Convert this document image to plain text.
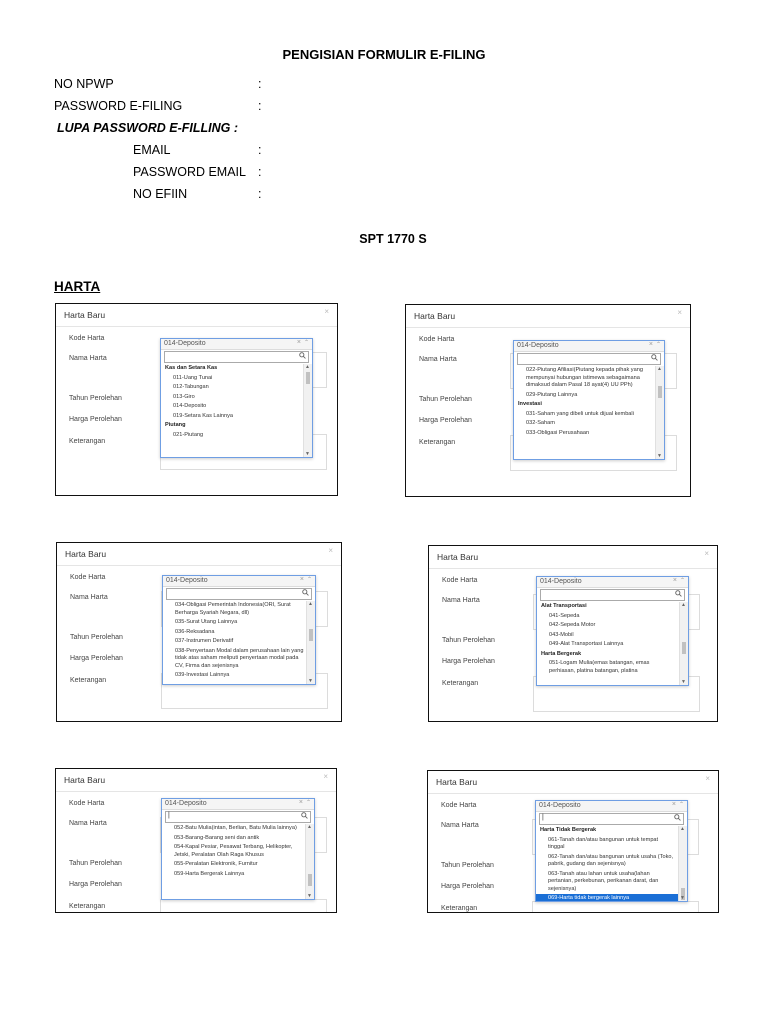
PENGISIAN FORMULIR E-FILING
NO NPWP	:
PASSWORD E-FILING	:
LUPA PASSWORD E-FILLING :
EMAIL	:
PASSWORD EMAIL :
NO EFIIN	:
SPT 1770 S
HARTA
Harta Baru	×
Kode Harta
Nama Harta
Tahun Perolehan
Harga Perolehan
Keterangan
014-Deposito	× ⌃
Kas dan Setara Kas
011-Uang Tunai
012-Tabungan
013-Giro
014-Deposito
019-Setara Kas Lainnya
Piutang
021-Piutang
▲
▼
Harta Baru	×
Kode Harta
Nama Harta
Tahun Perolehan
Harga Perolehan
Keterangan
014-Deposito	× ⌃
022-Piutang Afiliasi(Piutang kepada pihak yang mempunyai hubungan istimewa sebagaimana dimaksud dalam Pasal 18 ayat(4) UU PPh)
029-Piutang Lainnya
Investasi
031-Saham yang dibeli untuk dijual kembali
032-Saham
033-Obligasi Perusahaan
▲
▼
Harta Baru	×
Kode Harta
Nama Harta
Tahun Perolehan
Harga Perolehan
Keterangan
014-Deposito	× ⌃
034-Obligasi Pemerintah Indonesia(ORI, Surat Berharga Syariah Negara, dll)
035-Surat Utang Lainnya
036-Reksadana
037-Instrumen Derivatif
038-Penyertaan Modal dalam perusahaan lain yang tidak atas saham meliputi penyertaan modal pada CV, Firma dan sejenisnya
039-Investasi Lainnya
▲
▼
Harta Baru	×
Kode Harta
Nama Harta
Tahun Perolehan
Harga Perolehan
Keterangan
014-Deposito	× ⌃
Alat Transportasi
041-Sepeda
042-Sepeda Motor
043-Mobil
049-Alat Transportasi Lainnya
Harta Bergerak
051-Logam Mulia(emas batangan, emas perhiasan, platina batangan, platina
▲
▼
Harta Baru	×
Kode Harta
Nama Harta
Tahun Perolehan
Harga Perolehan
Keterangan
014-Deposito	× ⌃
|
052-Batu Mulia(intan, Berlian, Batu Mulia lainnya)
053-Barang-Barang seni dan antik
054-Kapal Pesiar, Pesawat Terbang, Helikopter, Jetski, Peralatan Olah Raga Khusus
055-Peralatan Elektronik, Furnitur
059-Harta Bergerak Lainnya
▲
▼
Harta Baru	×
Kode Harta
Nama Harta
Tahun Perolehan
Harga Perolehan
Keterangan
014-Deposito	× ⌃
|
Harta Tidak Bergerak
061-Tanah dan/atau bangunan untuk tempat tinggal
062-Tanah dan/atau bangunan untuk usaha (Toko, pabrik, gudang dan sejenisnya)
063-Tanah atau lahan untuk usaha(lahan pertanian, perkebunan, perikanan darat, dan sejenisnya)
069-Harta tidak bergerak lainnya
▲
▼
